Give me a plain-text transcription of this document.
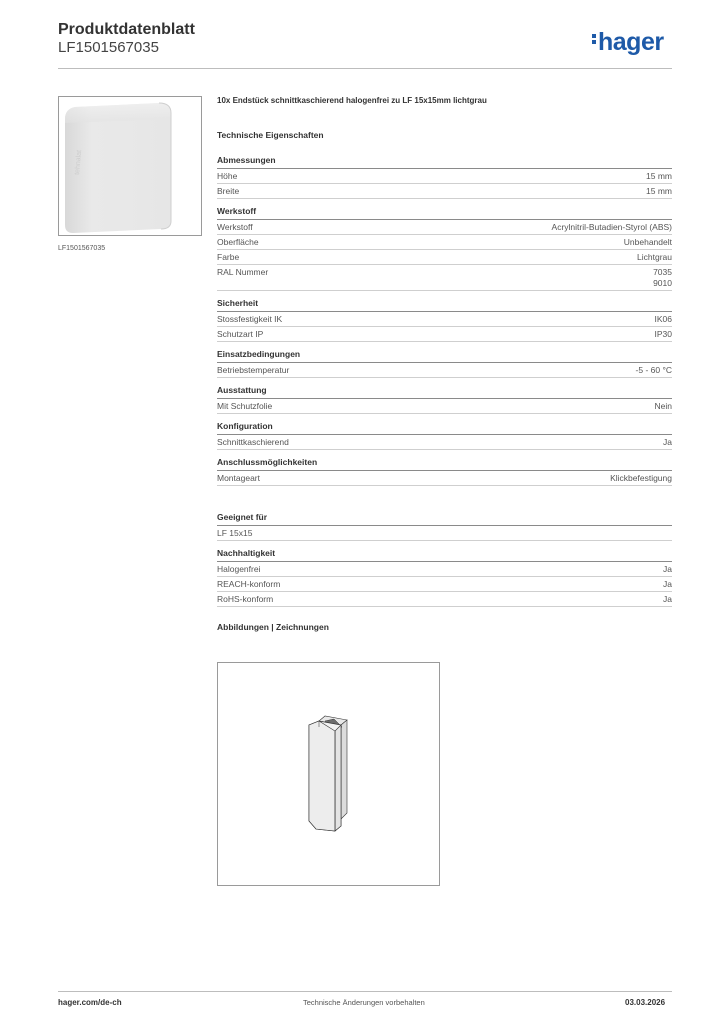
Produktdatenblatt
LF1501567035	hager
tehnalat
LF1501567035

10x Endstück schnittkaschierend halogenfrei zu LF 15x15mm lichtgrau

Technische Eigenschaften
Abmessungen
Höhe	15 mm
Breite	15 mm
Werkstoff
Werkstoff	Acrylnitril-Butadien-Styrol (ABS)
Oberfläche	Unbehandelt
Farbe	Lichtgrau
RAL Nummer	7035
9010
Sicherheit
Stossfestigkeit IK	IK06
Schutzart IP	IP30
Einsatzbedingungen
Betriebstemperatur	-5 - 60 °C
Ausstattung
Mit Schutzfolie	Nein
Konfiguration
Schnittkaschierend	Ja
Anschlussmöglichkeiten
Montageart	Klickbefestigung
Geeignet für
LF 15x15
Nachhaltigkeit
Halogenfrei	Ja
REACH-konform	Ja
RoHS-konform	Ja
Abbildungen | Zeichnungen
hager.com/de-ch	Technische Änderungen vorbehalten	03.03.2026
